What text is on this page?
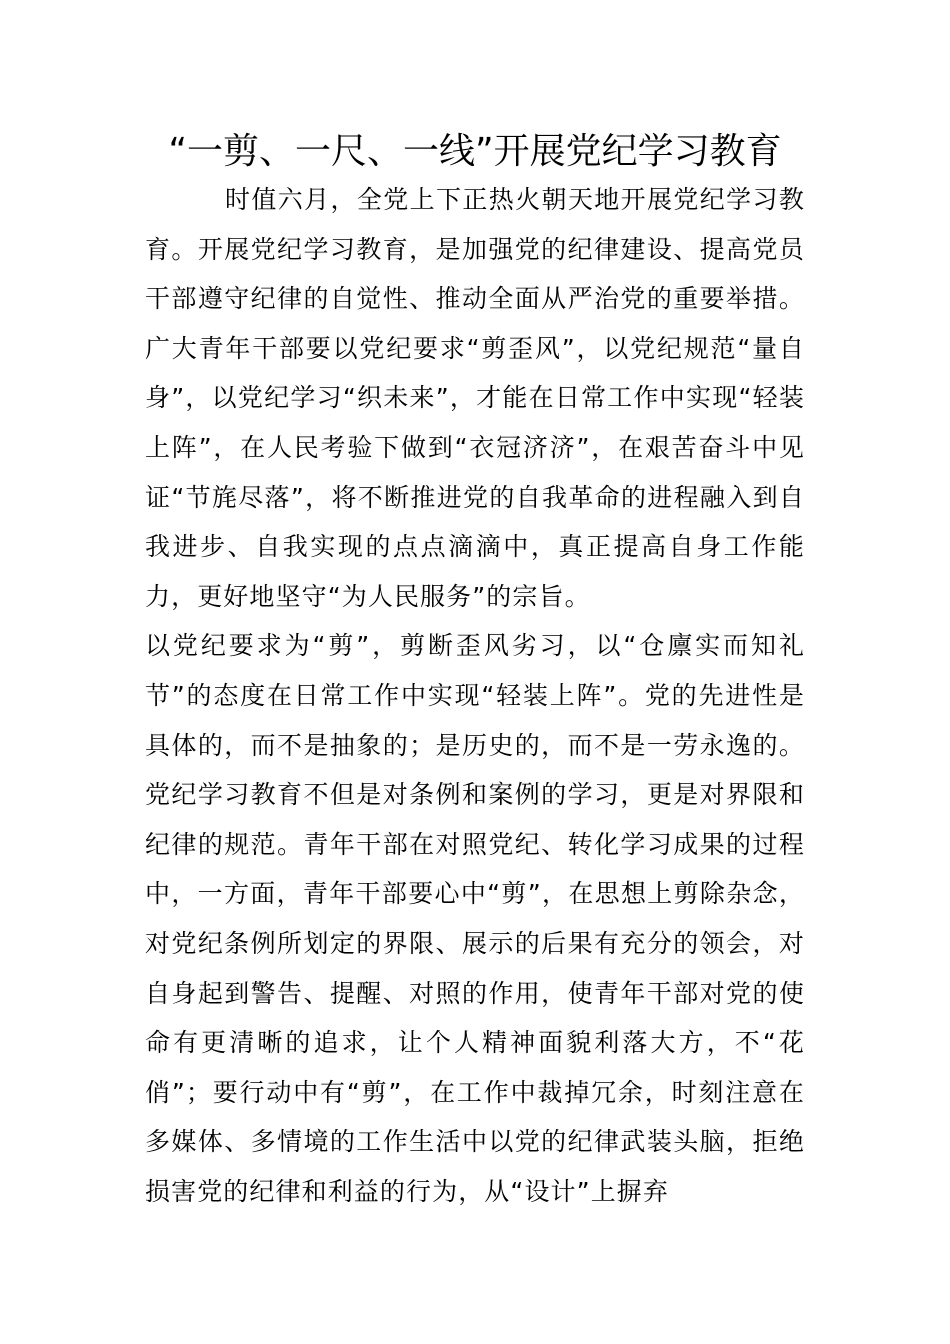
“一剪、一尺、一线”开展党纪学习教育

时值六月，全党上下正热火朝天地开展党纪学习教育。开展党纪学习教育，是加强党的纪律建设、提高党员干部遵守纪律的自觉性、推动全面从严治党的重要举措。广大青年干部要以党纪要求“剪歪风”，以党纪规范“量自身”，以党纪学习“织未来”，才能在日常工作中实现“轻装上阵”，在人民考验下做到“衣冠济济”，在艰苦奋斗中见证“节旄尽落”，将不断推进党的自我革命的进程融入到自我进步、自我实现的点点滴滴中，真正提高自身工作能力，更好地坚守“为人民服务”的宗旨。

以党纪要求为“剪”，剪断歪风劣习，以“仓廪实而知礼节”的态度在日常工作中实现“轻装上阵”。党的先进性是具体的，而不是抽象的；是历史的，而不是一劳永逸的。党纪学习教育不但是对条例和案例的学习，更是对界限和纪律的规范。青年干部在对照党纪、转化学习成果的过程中，一方面，青年干部要心中“剪”，在思想上剪除杂念，对党纪条例所划定的界限、展示的后果有充分的领会，对自身起到警告、提醒、对照的作用，使青年干部对党的使命有更清晰的追求，让个人精神面貌利落大方，不“花俏”；要行动中有“剪”，在工作中裁掉冗余，时刻注意在多媒体、多情境的工作生活中以党的纪律武装头脑，拒绝损害党的纪律和利益的行为，从“设计”上摒弃
